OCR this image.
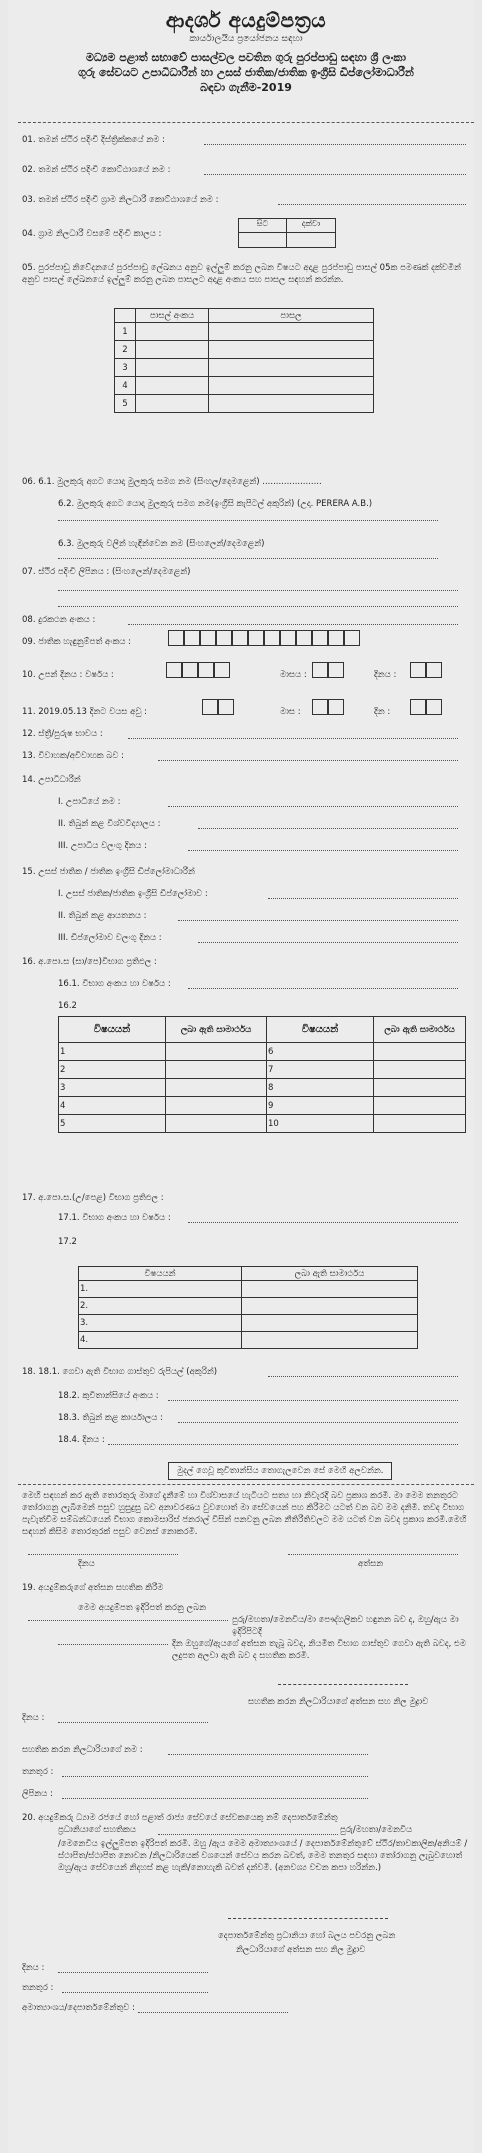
ආදර්ශ අයදුම්පත්‍රය
කාර්යාලයීය ප්‍රයෝජනය සඳහා
මධ්‍යම පළාත් සභාවේ පාසල්වල පවතින ගුරු පුරප්පාඩු සඳහා ශ්‍රී ලංකා
ගුරු සේවයට උපාධිධාරීන් හා උසස් ජාතික/ජාතික ඉංග්‍රීසි ඩිප්ලෝමාධාරීන්
බඳවා ගැනීම-2019
01. තමන් ස්ථිර පදිංචි දිස්ත්‍රික්කයේ නම :
02. තමන් ස්ථිර පදිංචි කොට්ඨාශයේ නම :
03. තමන් ස්ථිර පදිංචි ග්‍රාම නිලධාරී කොට්ඨාශයේ නම :
04. ග්‍රාම නිලධාරී වසමේ පදිංචි කාලය :
සිට	දක්වා
05. පුරප්පාඩු නිවේදනයේ පුරප්පාඩු ලේඛනය අනුව ඉල්ලුම් කරනු ලබන විෂයට අදාළ පුරප්පාඩු පාසල් 05ක පමණක් දක්වමින් අනුව පාසල් ලේඛනයේ ඉල්ලුම් කරනු ලබන පාසලට අදාළ අංකය සහ පාසල සඳහන් කරන්න.
	පාසල් අංකය	පාසල
1		
2		
3		
4		
5		
06. 6.1. මුලකුරු අගට යොදා මුලකුරු සමග නම (සිංහල/දෙමළෙන්) ......................
6.2. මුලකුරු අගට යොදා මුලකුරු සමග නම(ඉංග්‍රීසි කැපිටල් අකුරින්) (උදා. PERERA A.B.)
6.3. මුලකුරු වලින් හැඳින්වෙන නම (සිංහලෙන්/දෙමළෙන්)
07. ස්ථිර පදිංචි ලිපිනය : (සිංහලෙන්/දෙමළෙන්)
08. දුරකථන අංකය :
09. ජාතික හැඳුනුම්පත් අංකය :
10. උපන් දිනය : වර්ෂය :	මාසය :	දිනය :
11. 2019.05.13 දිනට වයස අවු :	මාස :	දින :
12. ස්ත්‍රී/පුරුෂ භාවය :
13. විවාහක/අවිවාහක බව :
14. උපාධිධාරීන්
I. උපාධියේ නම :
II. තිබුන් කළ විශ්වවිද්‍යාලය :
III. උපාධිය වලංගු දිනය :
15. උසස් ජාතික / ජාතික ඉංග්‍රීසි ඩිප්ලෝමාධාරීන්
I. උසස් ජාතික/ජාතික ඉංග්‍රීසි ඩිප්ලෝමාව :
II. තිබුන් කළ ආයතනය :
III. ඩිප්ලෝමාව වලංගු දිනය :
16. අ.පො.ස (සා/පෙ)විභාග ප්‍රතිඵල :
16.1. විභාග අංකය හා වර්ෂය :
16.2
විෂයයන්	ලබා ඇති සාමාර්ථය	විෂයයන්	ලබා ඇති සාමාර්ථය
1		6	
2		7	
3		8	
4		9	
5		10	
17. අ.පො.ස.(උ/පෙළ) විභාග ප්‍රතිඵල :
17.1. විභාග අංකය හා වර්ෂය :
17.2
විෂයයන්	ලබා ඇති සාමාර්ථය
1.	
2.	
3.	
4.	
18. 18.1. ගෙවා ඇති විභාග ගාස්තුව රුපියල් (අකුරින්)
18.2. කුවිතාන්සියේ අංකය :
18.3. තිබුන් කළ කාර්යාලය :
18.4. දිනය :
මුදල් ගෙවූ කුවිතාන්සිය තොගැලවෙන සේ මෙහි අලවන්න.
මෙහි සඳහන් කර ඇති තොරතුරු මාගේ දැනීමේ හා විශ්වාසයේ හැටියට සත්‍ය හා නිවැරදි බව ප්‍රකාශ කරමි. මා මෙම තනතුරට තෝරාගනු ලැබීමෙන් පසුව හුසුදුසු බව අනාවරණය වුවහොත් මා සේවයෙන් පහ කිරීමට යටත් වන බව මම දනිමි. තවද විභාග පැවැත්වීම සම්බන්ධයෙන් විභාග කොමසාරිස් ජනරාල් විසින් පනවනු ලබන නීතිරීතිවලට මම යටත් වන බවද ප්‍රකාශ කරමි.මෙහි සඳහන් කිසිම තොරතුරක් පසුව වෙනස් නොකරමි.
දිනය	අත්සන
19. අයදුම්කරුගේ අත්සන සහතික කිරීම
මෙම අයදුම්පත ඉදිරිපත් කරනු ලබන
පුරු/මහතා/මෙනවිය/මා පෞද්ගලිකව හඳුනන බව ද, ඔහු/ඇය මා ඉදිරිපිටදී
දින ඔහුගේ/ඇයගේ අත්සන තැබූ බවද, නියමිත විභාග ගාස්තුව ගෙවා ඇති බවද, එම ලදුපත අලවා ඇති බව ද සහතික කරමි.
සහතික කරන නිලධාරියාගේ අත්සන සහ නිල මුද්‍රාව
දිනය :
සහතික කරන නිලධාරියාගේ නම :
තනතුර :
ලිපිනය :
20. අයදුම්කරු ධ්‍යාම රජයේ හෝ පළාත් රාජ්‍ය සේවයේ සේවකයෙකු නම් දෙපාර්තමේන්තු
ප්‍රධානියාගේ සහතිකය	පුරු/මහතා/මෙනවිය
/මෙනෙවිය ඉල්ලුම්පත ඉදිරිපත් කරමි. ඔහු /ඇය මෙම අමාත්‍යාංශයේ / දෙපාර්තමේන්තුවේ ස්ථිර/තාවකාලික/අනියම් /ස්ථාපිත/ස්ථාපිත නොවන /නිලධාරියෙක් වශයෙන් සේවය කරන බවත්, මෙම තනතුර සඳහා තෝරාගනු ලැබුවහොත් ඔහු/ඇය සේවයෙන් නිදහස් කළ හැකි/නොහැකි බවත් දන්වමි. (අනවශ්‍ය වචන කපා හරින්න.)
දෙපාර්තමේන්තු ප්‍රධානියා හෝ බලය පවරනු ලබන
නිලධාරියාගේ අත්සන සහ නිල මුද්‍රාව
දිනය :
තනතුර :
අමාත්‍යාංශය/දෙපාර්තමේන්තුව :
